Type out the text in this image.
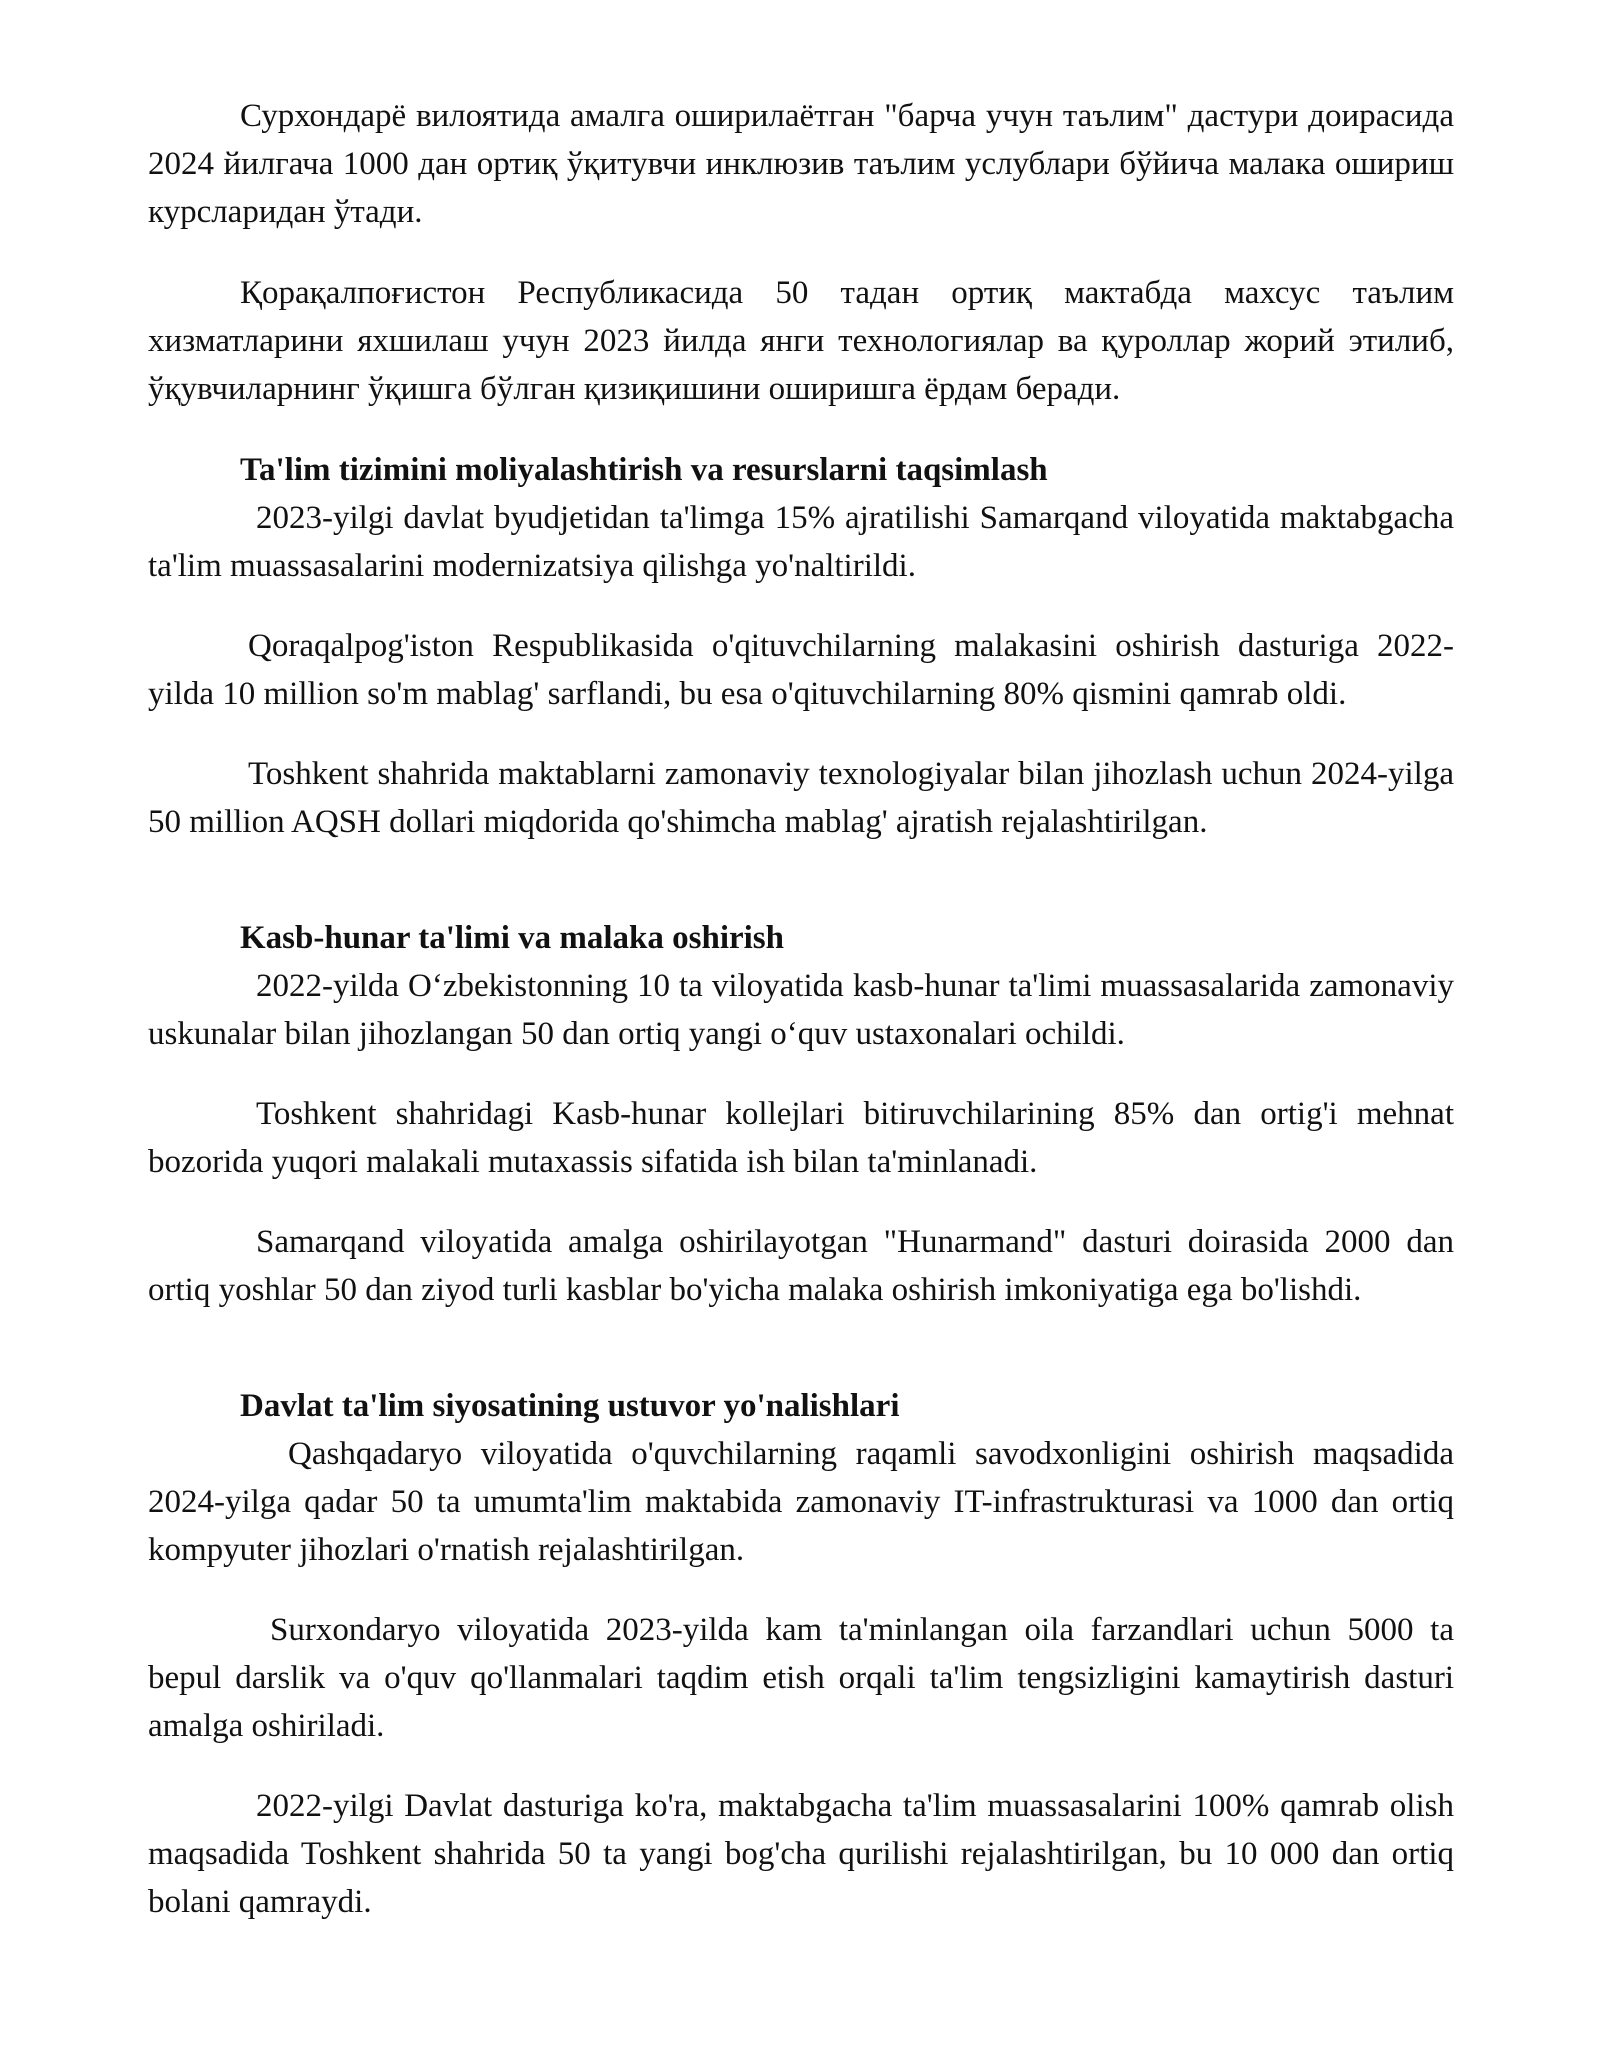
Сурхондарё вилоятида амалга оширилаётган "барча учун таълим" дастури доирасида 2024 йилгача 1000 дан ортиқ ўқитувчи инклюзив таълим услублари бўйича малака ошириш курсларидан ўтади.

Қорақалпоғистон Республикасида 50 тадан ортиқ мактабда махсус таълим хизматларини яхшилаш учун 2023 йилда янги технологиялар ва қуроллар жорий этилиб, ўқувчиларнинг ўқишга бўлган қизиқишини оширишга ёрдам беради.

Ta'lim tizimini moliyalashtirish va resurslarni taqsimlash

2023-yilgi davlat byudjetidan ta'limga 15% ajratilishi Samarqand viloyatida maktabgacha ta'lim muassasalarini modernizatsiya qilishga yo'naltirildi.

Qoraqalpog'iston Respublikasida o'qituvchilarning malakasini oshirish dasturiga 2022-yilda 10 million so'm mablag' sarflandi, bu esa o'qituvchilarning 80% qismini qamrab oldi.

Toshkent shahrida maktablarni zamonaviy texnologiyalar bilan jihozlash uchun 2024-yilga 50 million AQSH dollari miqdorida qo'shimcha mablag' ajratish rejalashtirilgan.

Kasb-hunar ta'limi va malaka oshirish

2022-yilda O‘zbekistonning 10 ta viloyatida kasb-hunar ta'limi muassasalarida zamonaviy uskunalar bilan jihozlangan 50 dan ortiq yangi o‘quv ustaxonalari ochildi.

Toshkent shahridagi Kasb-hunar kollejlari bitiruvchilarining 85% dan ortig'i mehnat bozorida yuqori malakali mutaxassis sifatida ish bilan ta'minlanadi.

Samarqand viloyatida amalga oshirilayotgan "Hunarmand" dasturi doirasida 2000 dan ortiq yoshlar 50 dan ziyod turli kasblar bo'yicha malaka oshirish imkoniyatiga ega bo'lishdi.

Davlat ta'lim siyosatining ustuvor yo'nalishlari

Qashqadaryo viloyatida o'quvchilarning raqamli savodxonligini oshirish maqsadida 2024-yilga qadar 50 ta umumta'lim maktabida zamonaviy IT-infrastrukturasi va 1000 dan ortiq kompyuter jihozlari o'rnatish rejalashtirilgan.

Surxondaryo viloyatida 2023-yilda kam ta'minlangan oila farzandlari uchun 5000 ta bepul darslik va o'quv qo'llanmalari taqdim etish orqali ta'lim tengsizligini kamaytirish dasturi amalga oshiriladi.

2022-yilgi Davlat dasturiga ko'ra, maktabgacha ta'lim muassasalarini 100% qamrab olish maqsadida Toshkent shahrida 50 ta yangi bog'cha qurilishi rejalashtirilgan, bu 10 000 dan ortiq bolani qamraydi.
